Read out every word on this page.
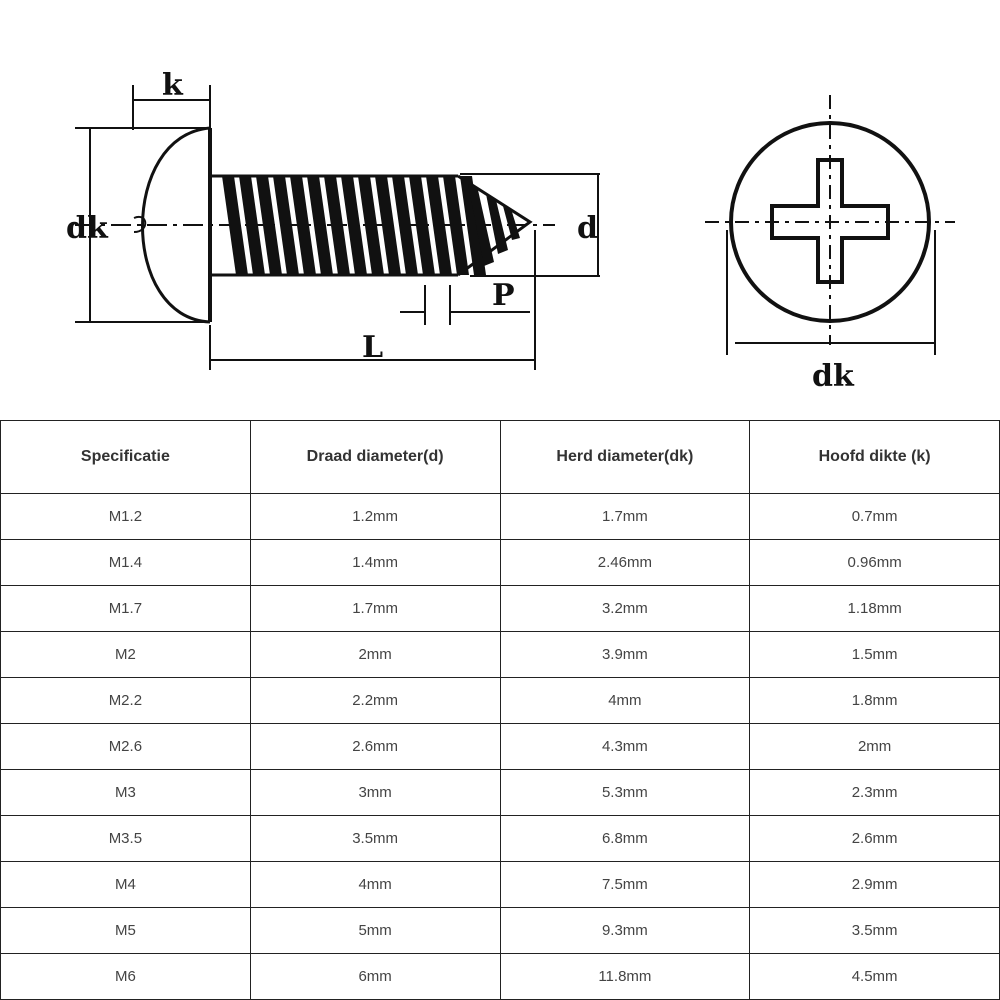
k
dk	d
P
L
dk
Specificatie	Draad diameter(d)	Herd diameter(dk)	Hoofd dikte (k)
M1.2	1.2mm	1.7mm	0.7mm
M1.4	1.4mm	2.46mm	0.96mm
M1.7	1.7mm	3.2mm	1.18mm
M2	2mm	3.9mm	1.5mm
M2.2	2.2mm	4mm	1.8mm
M2.6	2.6mm	4.3mm	2mm
M3	3mm	5.3mm	2.3mm
M3.5	3.5mm	6.8mm	2.6mm
M4	4mm	7.5mm	2.9mm
M5	5mm	9.3mm	3.5mm
M6	6mm	11.8mm	4.5mm
